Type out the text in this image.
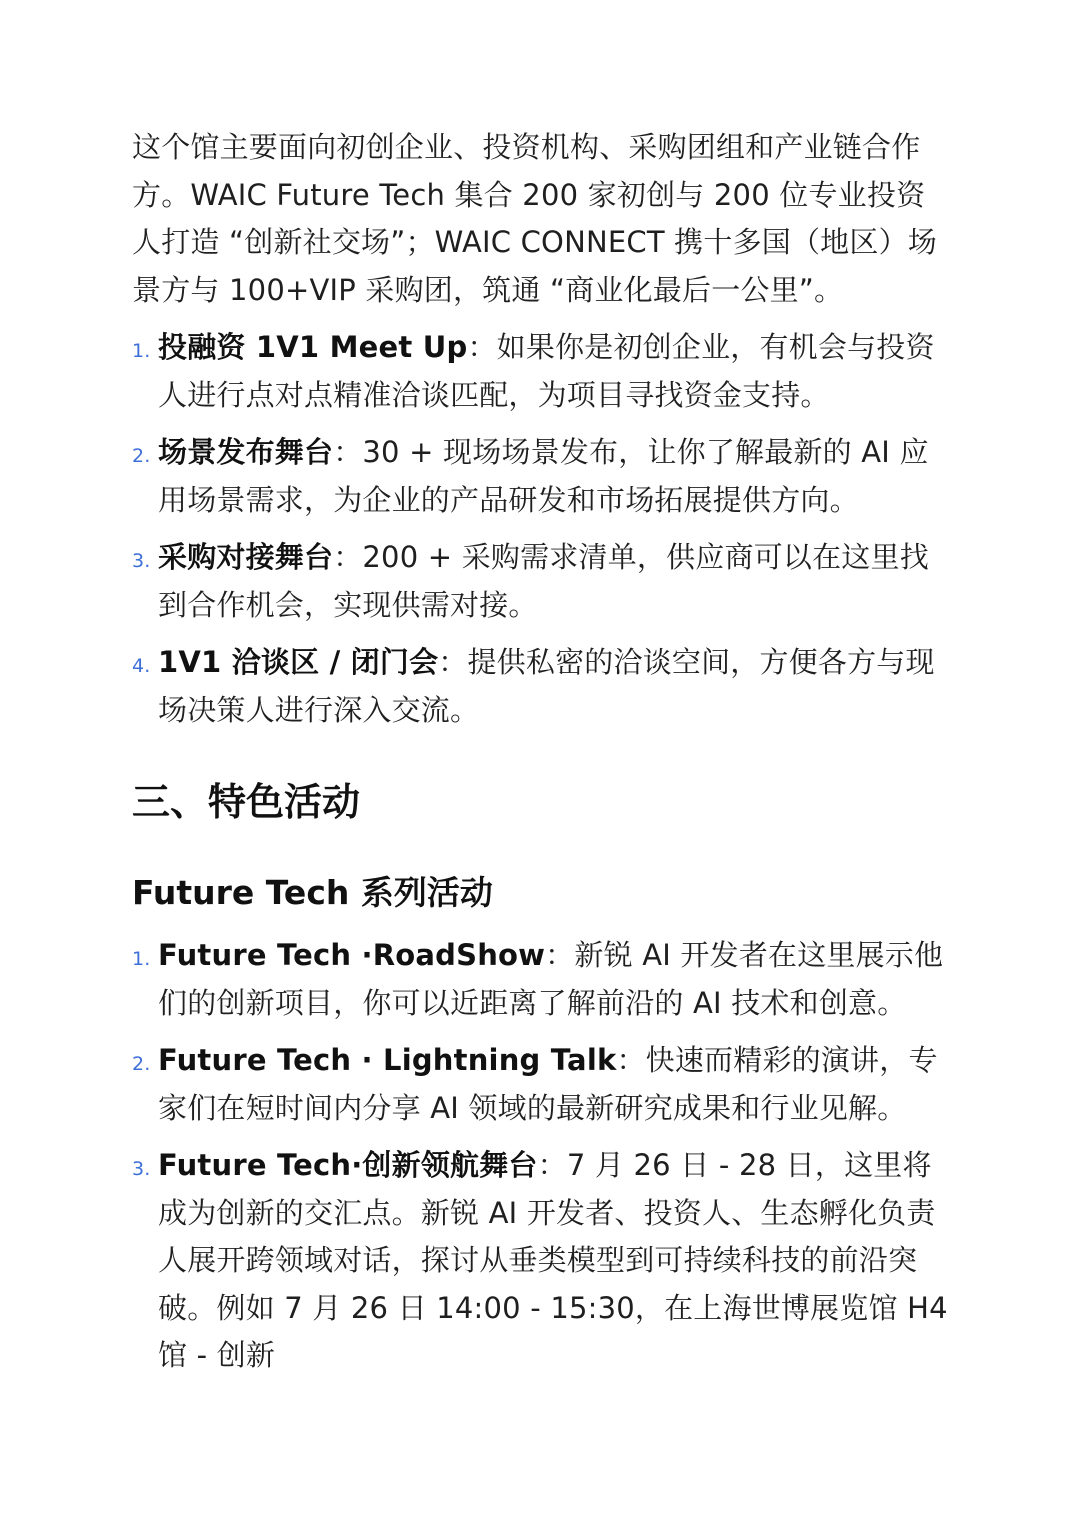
这个馆主要面向初创企业、投资机构、采购团组和产业链合作方。WAIC Future Tech 集合 200 家初创与 200 位专业投资人打造 “创新社交场”；WAIC CONNECT 携十多国（地区）场景方与 100+VIP 采购团，筑通 “商业化最后一公里”。

1. 投融资 1V1 Meet Up：如果你是初创企业，有机会与投资人进行点对点精准洽谈匹配，为项目寻找资金支持。
2. 场景发布舞台：30 + 现场场景发布，让你了解最新的 AI 应用场景需求，为企业的产品研发和市场拓展提供方向。
3. 采购对接舞台：200 + 采购需求清单，供应商可以在这里找到合作机会，实现供需对接。
4. 1V1 洽谈区 / 闭门会：提供私密的洽谈空间，方便各方与现场决策人进行深入交流。
三、特色活动
Future Tech 系列活动
1. Future Tech ·RoadShow：新锐 AI 开发者在这里展示他们的创新项目，你可以近距离了解前沿的 AI 技术和创意。
2. Future Tech · Lightning Talk：快速而精彩的演讲，专家们在短时间内分享 AI 领域的最新研究成果和行业见解。
3. Future Tech·创新领航舞台：7 月 26 日 - 28 日，这里将成为创新的交汇点。新锐 AI 开发者、投资人、生态孵化负责人展开跨领域对话，探讨从垂类模型到可持续科技的前沿突破。例如 7 月 26 日 14:00 - 15:30，在上海世博展览馆 H4 馆 - 创新
